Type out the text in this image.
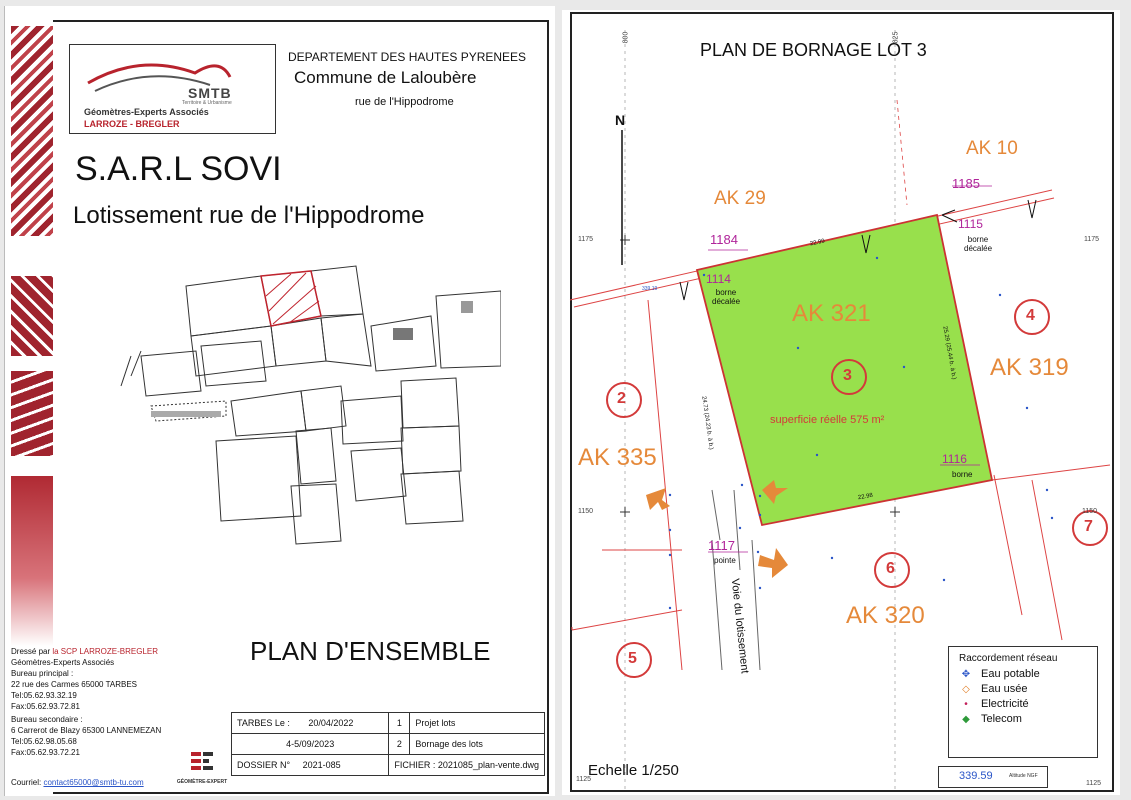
SMTB
Territoire & Urbanisme
Géomètres-Experts Associés
LARROZE - BREGLER
DEPARTEMENT DES HAUTES PYRENEES
Commune de Laloubère
rue de l'Hippodrome
S.A.R.L SOVI
Lotissement rue de l'Hippodrome
PLAN D'ENSEMBLE
Dressé par la SCP LARROZE-BREGLER
Géomètres-Experts Associés
Bureau principal :
22 rue des Carmes 65000 TARBES
Tel:05.62.93.32.19
Fax:05.62.93.72.81
Bureau secondaire :
6 Carrerot de Blazy 65300 LANNEMEZAN
Tel:05.62.98.05.68
Fax:05.62.93.72.21
Courriel: contact65000@smtb-tu.com	GÉOMÈTRE-EXPERT
TARBES Le : 20/04/2022	1	Projet lots
4-5/09/2023	2	Bornage des lots
DOSSIER N° 2021-085	FICHIER : 2021085_plan-vente.dwg	
PLAN DE BORNAGE LOT 3
339.19
800	825
1175	1175
1150	1150
1125
1125
N
AK 10
AK 29
AK 321
AK 319
AK 335
AK 320
2
3
4
5
6
7
superficie réelle 575 m²
1184
1185
1114
1115
1116
1117
borne
décalée
borne
décalée
borne
pointe
22.99
22.98
25.29 (25.44 b. à b.)
24.73 (24.23 b. à b.)
Voie du lotissement	Raccordement réseau
✥ Eau potable
◇ Eau usée
•	Electricité
◆ Telecom
Echelle 1/250	339.59	Altitude NGF
